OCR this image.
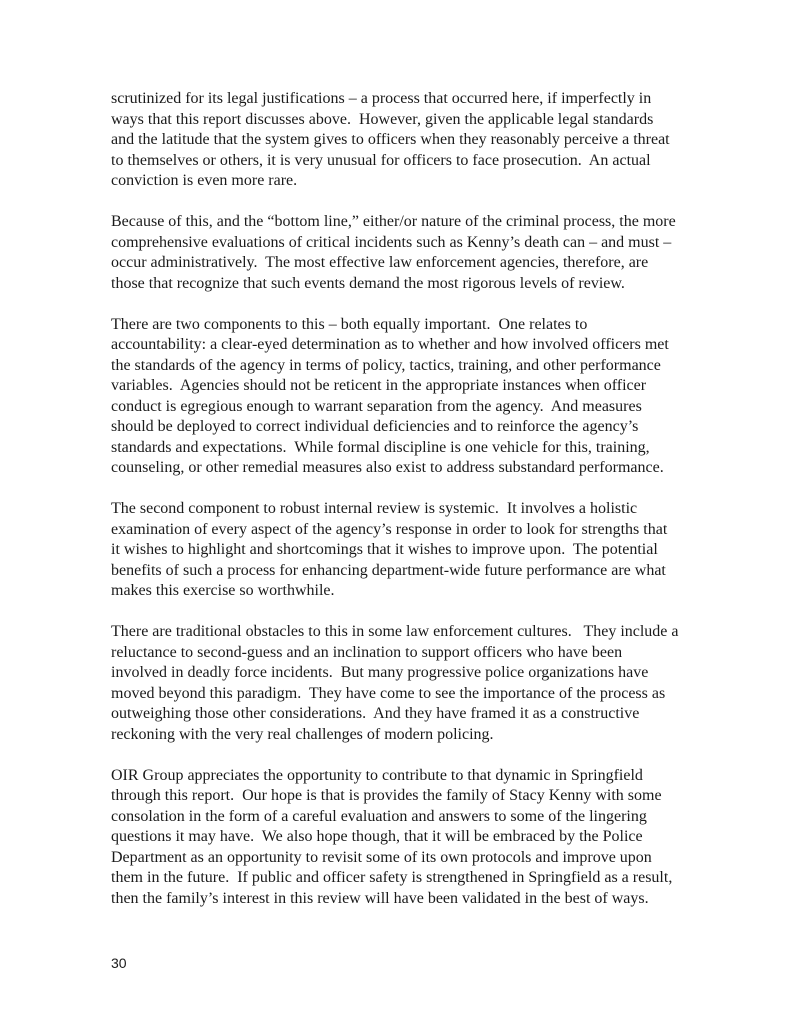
scrutinized for its legal justifications – a process that occurred here, if imperfectly in ways that this report discusses above.  However, given the applicable legal standards and the latitude that the system gives to officers when they reasonably perceive a threat to themselves or others, it is very unusual for officers to face prosecution.  An actual conviction is even more rare.

Because of this, and the “bottom line,” either/or nature of the criminal process, the more comprehensive evaluations of critical incidents such as Kenny’s death can – and must – occur administratively.  The most effective law enforcement agencies, therefore, are those that recognize that such events demand the most rigorous levels of review.

There are two components to this – both equally important.  One relates to accountability: a clear-eyed determination as to whether and how involved officers met the standards of the agency in terms of policy, tactics, training, and other performance variables.  Agencies should not be reticent in the appropriate instances when officer conduct is egregious enough to warrant separation from the agency.  And measures should be deployed to correct individual deficiencies and to reinforce the agency’s standards and expectations.  While formal discipline is one vehicle for this, training, counseling, or other remedial measures also exist to address substandard performance.

The second component to robust internal review is systemic.  It involves a holistic examination of every aspect of the agency’s response in order to look for strengths that it wishes to highlight and shortcomings that it wishes to improve upon.  The potential benefits of such a process for enhancing department-wide future performance are what makes this exercise so worthwhile.

There are traditional obstacles to this in some law enforcement cultures.   They include a reluctance to second-guess and an inclination to support officers who have been involved in deadly force incidents.  But many progressive police organizations have moved beyond this paradigm.  They have come to see the importance of the process as outweighing those other considerations.  And they have framed it as a constructive reckoning with the very real challenges of modern policing.

OIR Group appreciates the opportunity to contribute to that dynamic in Springfield through this report.  Our hope is that is provides the family of Stacy Kenny with some consolation in the form of a careful evaluation and answers to some of the lingering questions it may have.  We also hope though, that it will be embraced by the Police Department as an opportunity to revisit some of its own protocols and improve upon them in the future.  If public and officer safety is strengthened in Springfield as a result, then the family’s interest in this review will have been validated in the best of ways.

30
